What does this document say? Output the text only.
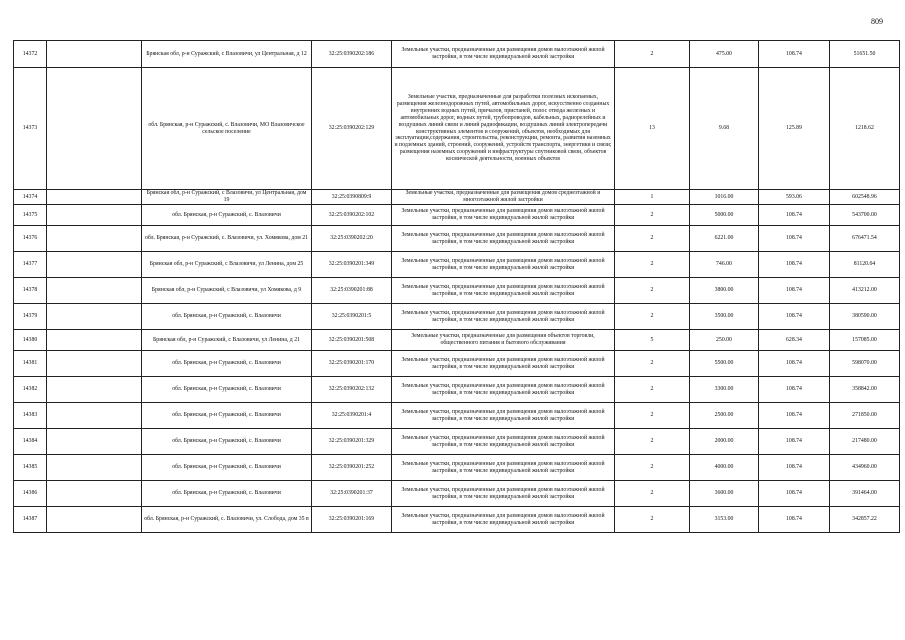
809
14372		Брянская обл, р-н Суражский, с Влазовичи, ул Центральная, д 12	32:25:0390202:186	Земельные участки, предназначенные для размещения домов малоэтажной жилой застройки, в том числе индивидуальной жилой застройки	2	475.00	108.74	51651.50
14373		обл. Брянская, р-н Суражский, с. Влазовичи, МО Влазовичское сельское поселение	32:25:0390202:129	Земельные участки, предназначенные для разработки полезных ископаемых, размещения железнодорожных путей, автомобильных дорог, искусственно созданных внутренних водных путей, причалов, пристаней, полос отвода железных и автомобильных дорог, водных путей, трубопроводов, кабельных, радиорелейных и воздушных линий связи и линий радиофикации, воздушных линий электропередачи конструктивных элементов и сооружений, объектов, необходимых для эксплуатации,содержания, строительства, реконструкции, ремонта, развития наземных и подземных зданий, строений, сооружений, устройств транспорта, энергетики и связи; размещения наземных сооружений и инфраструктуры спутниковой связи, объектов космической деятельности, военных объектов	13	9.68	125.89	1218.62
14374		Брянская обл, р-н Суражский, с Влазовичи, ул Центральная, дом 19	32:25:0390809:9	Земельные участки, предназначенные для размещения домов среднеэтажной и многоэтажной жилой застройки	1	1016.00	593.06	602548.96
14375		обл. Брянская, р-н Суражский, с. Влазовичи	32:25:0390202:102	Земельные участки, предназначенные для размещения домов малоэтажной жилой застройки, в том числе индивидуальной жилой застройки	2	5000.00	108.74	543700.00
14376		обл. Брянская, р-н Суражский, с. Влазовичи, ул. Хомякова, дом 21	32:25:0390202:20	Земельные участки, предназначенные для размещения домов малоэтажной жилой застройки, в том числе индивидуальной жилой застройки	2	6221.00	108.74	676471.54
14377		Брянская обл, р-н Суражский, с Влазовичи, ул Ленина, дом 25	32:25:0390201:349	Земельные участки, предназначенные для размещения домов малоэтажной жилой застройки, в том числе индивидуальной жилой застройки	2	746.00	108.74	81120.04
14378		Брянская обл, р-н Суражский, с Влазовичи, ул Хомякова, д 9	32:25:0390201:88	Земельные участки, предназначенные для размещения домов малоэтажной жилой застройки, в том числе индивидуальной жилой застройки	2	3800.00	108.74	413212.00
14379		обл. Брянская, р-н Суражский, с. Влазовичи	32:25:0390201:5	Земельные участки, предназначенные для размещения домов малоэтажной жилой застройки, в том числе индивидуальной жилой застройки	2	3500.00	108.74	380590.00
14380		Брянская обл, р-н Суражский, с Влазовичи, ул Ленина, д 21	32:25:0390201:508	Земельные участки, предназначенные для размещения объектов торговли, общественного питания и бытового обслуживания	5	250.00	628.34	157085.00
14381		обл. Брянская, р-н Суражский, с. Влазовичи	32:25:0390201:170	Земельные участки, предназначенные для размещения домов малоэтажной жилой застройки, в том числе индивидуальной жилой застройки	2	5500.00	108.74	598070.00
14382		обл. Брянская, р-н Суражский, с. Влазовичи	32:25:0390202:132	Земельные участки, предназначенные для размещения домов малоэтажной жилой застройки, в том числе индивидуальной жилой застройки	2	3300.00	108.74	358842.00
14383		обл. Брянская, р-н Суражский, с. Влазовичи	32:25:0390201:4	Земельные участки, предназначенные для размещения домов малоэтажной жилой застройки, в том числе индивидуальной жилой застройки	2	2500.00	108.74	271850.00
14384		обл. Брянская, р-н Суражский, с. Влазовичи	32:25:0390201:329	Земельные участки, предназначенные для размещения домов малоэтажной жилой застройки, в том числе индивидуальной жилой застройки	2	2000.00	108.74	217480.00
14385		обл. Брянская, р-н Суражский, с. Влазовичи	32:25:0390201:252	Земельные участки, предназначенные для размещения домов малоэтажной жилой застройки, в том числе индивидуальной жилой застройки	2	4000.00	108.74	434960.00
14386		обл. Брянская, р-н Суражский, с. Влазовичи	32:25:0390201:37	Земельные участки, предназначенные для размещения домов малоэтажной жилой застройки, в том числе индивидуальной жилой застройки	2	3600.00	108.74	391464.00
14387		обл. Брянская, р-н Суражский, с. Влазовичи, ул. Слобода, дом 35 в	32:25:0390201:169	Земельные участки, предназначенные для размещения домов малоэтажной жилой застройки, в том числе индивидуальной жилой застройки	2	3153.00	108.74	342857.22
